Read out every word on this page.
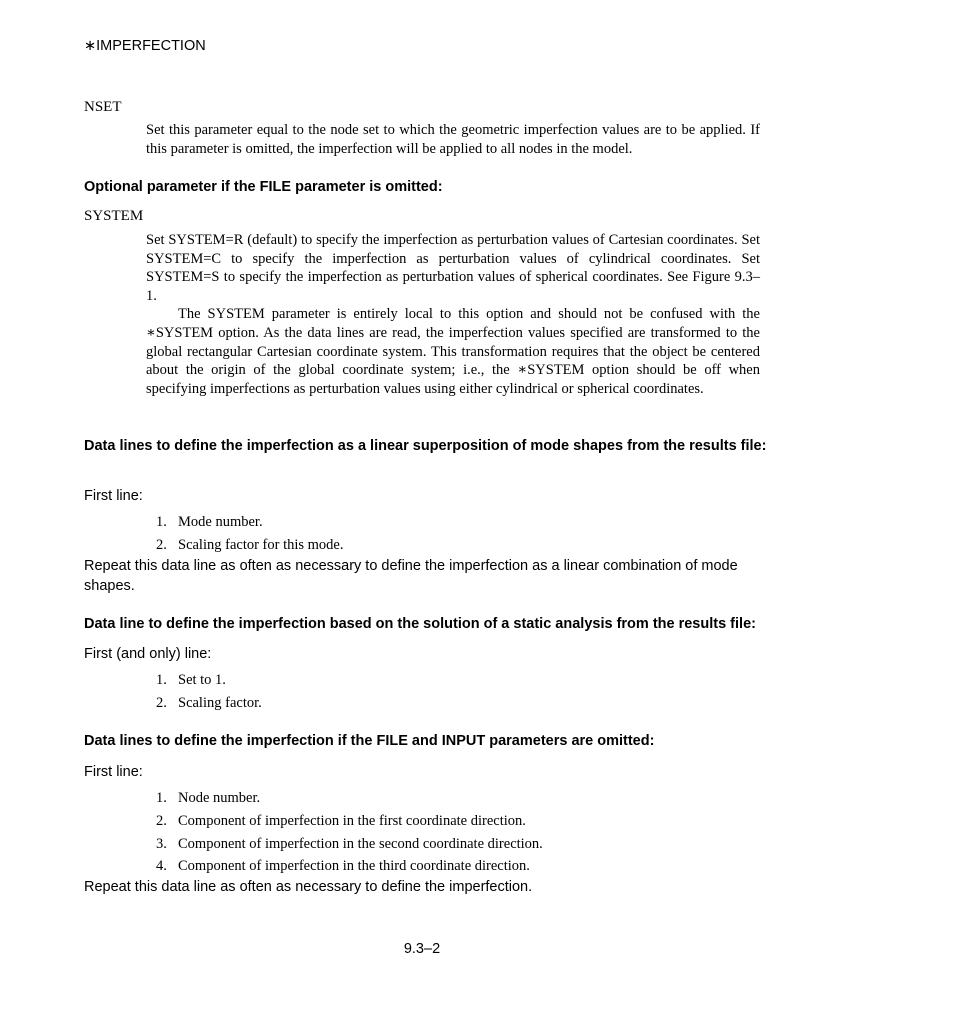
∗IMPERFECTION
NSET

Set this parameter equal to the node set to which the geometric imperfection values are to be applied. If this parameter is omitted, the imperfection will be applied to all nodes in the model.

Optional parameter if the FILE parameter is omitted:
SYSTEM

Set SYSTEM=R (default) to specify the imperfection as perturbation values of Cartesian coordinates. Set SYSTEM=C to specify the imperfection as perturbation values of cylindrical coordinates. Set SYSTEM=S to specify the imperfection as perturbation values of spherical coordinates. See Figure 9.3–1.

The SYSTEM parameter is entirely local to this option and should not be confused with the ∗SYSTEM option. As the data lines are read, the imperfection values specified are transformed to the global rectangular Cartesian coordinate system. This transformation requires that the object be centered about the origin of the global coordinate system; i.e., the ∗SYSTEM option should be off when specifying imperfections as perturbation values using either cylindrical or spherical coordinates.

Data lines to define the imperfection as a linear superposition of mode shapes from the results file:
First line:
1. Mode number.
2. Scaling factor for this mode.
Repeat this data line as often as necessary to define the imperfection as a linear combination of mode shapes.
Data line to define the imperfection based on the solution of a static analysis from the results file:
First (and only) line:
1. Set to 1.
2. Scaling factor.
Data lines to define the imperfection if the FILE and INPUT parameters are omitted:
First line:
1. Node number.
2. Component of imperfection in the first coordinate direction.
3. Component of imperfection in the second coordinate direction.
4. Component of imperfection in the third coordinate direction.
Repeat this data line as often as necessary to define the imperfection.
9.3–2
